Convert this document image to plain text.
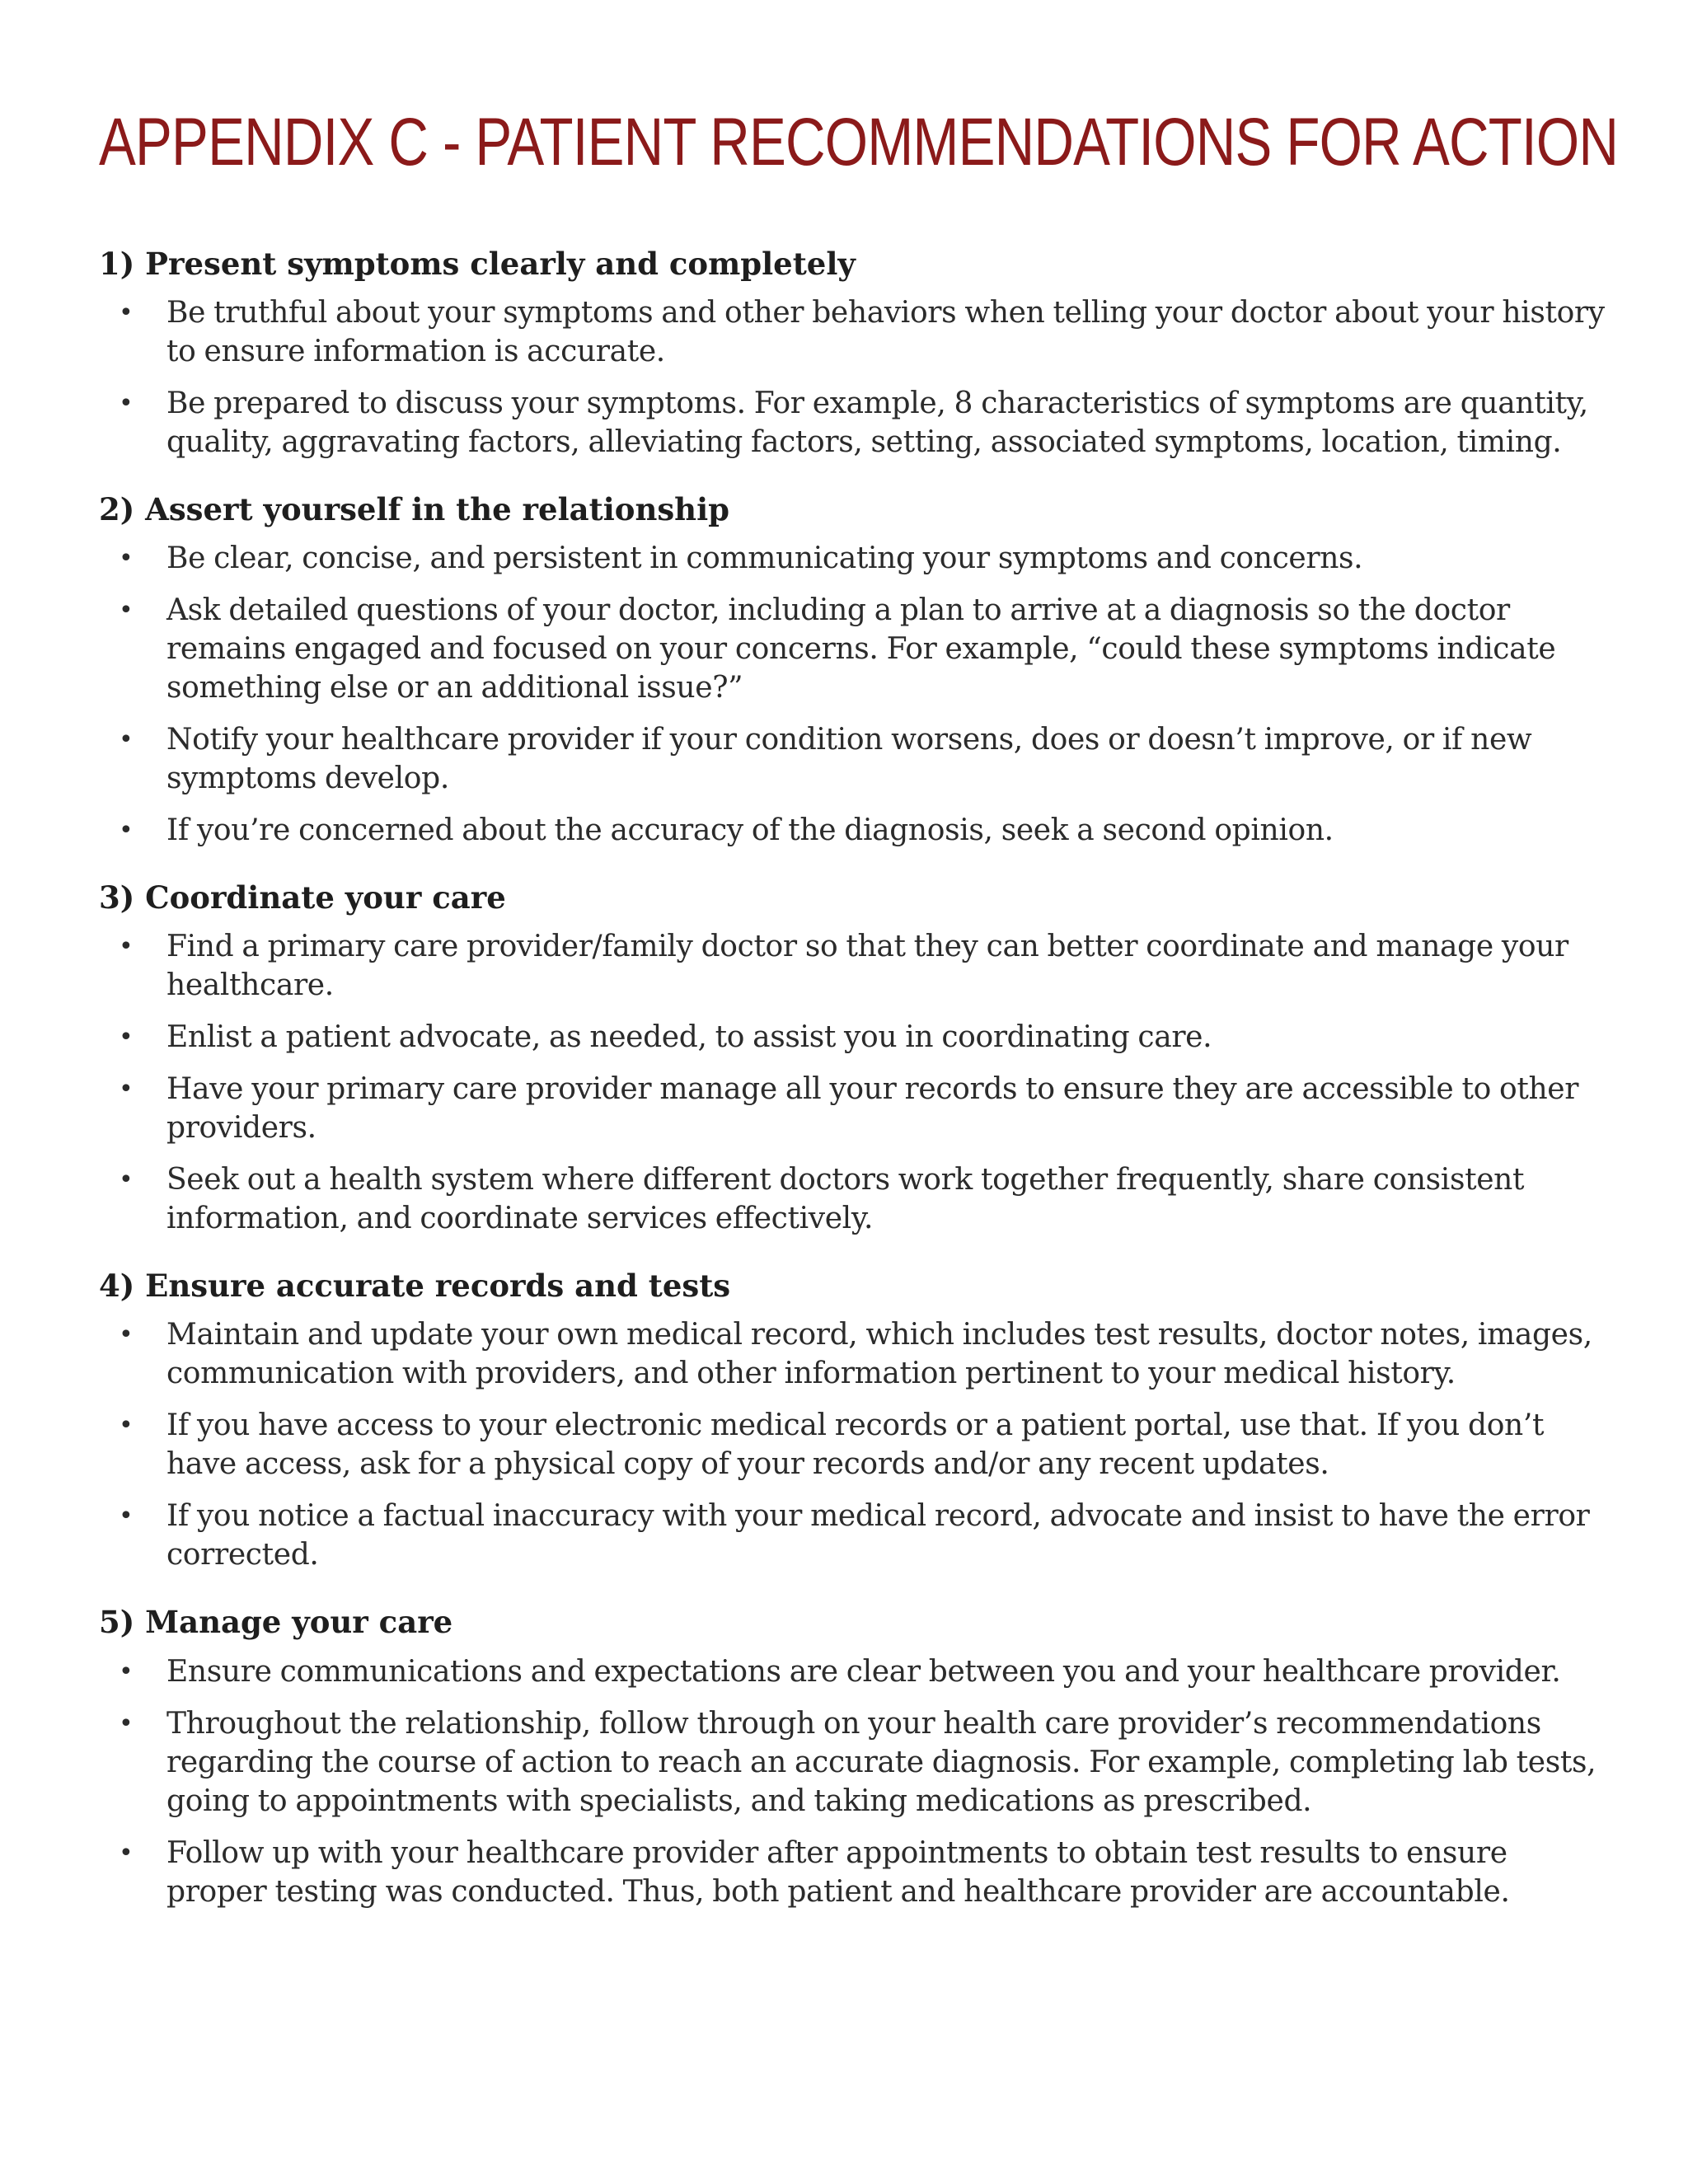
APPENDIX C - PATIENT RECOMMENDATIONS FOR ACTION
1) Present symptoms clearly and completely
• Be truthful about your symptoms and other behaviors when telling your doctor about your history to ensure information is accurate.
• Be prepared to discuss your symptoms. For example, 8 characteristics of symptoms are quantity, quality, aggravating factors, alleviating factors, setting, associated symptoms, location, timing.
2) Assert yourself in the relationship
• Be clear, concise, and persistent in communicating your symptoms and concerns.
• Ask detailed questions of your doctor, including a plan to arrive at a diagnosis so the doctor remains engaged and focused on your concerns. For example, “could these symptoms indicate something else or an additional issue?”
• Notify your healthcare provider if your condition worsens, does or doesn’t improve, or if new symptoms develop.
• If you’re concerned about the accuracy of the diagnosis, seek a second opinion.
3) Coordinate your care
• Find a primary care provider/family doctor so that they can better coordinate and manage your healthcare.
• Enlist a patient advocate, as needed, to assist you in coordinating care.
• Have your primary care provider manage all your records to ensure they are accessible to other providers.
• Seek out a health system where different doctors work together frequently, share consistent information, and coordinate services effectively.
4) Ensure accurate records and tests
• Maintain and update your own medical record, which includes test results, doctor notes, images, communication with providers, and other information pertinent to your medical history.
• If you have access to your electronic medical records or a patient portal, use that. If you don’t have access, ask for a physical copy of your records and/or any recent updates.
• If you notice a factual inaccuracy with your medical record, advocate and insist to have the error corrected.
5) Manage your care
• Ensure communications and expectations are clear between you and your healthcare provider.
• Throughout the relationship, follow through on your health care provider’s recommendations regarding the course of action to reach an accurate diagnosis. For example, completing lab tests, going to appointments with specialists, and taking medications as prescribed.
• Follow up with your healthcare provider after appointments to obtain test results to ensure proper testing was conducted. Thus, both patient and healthcare provider are accountable.
